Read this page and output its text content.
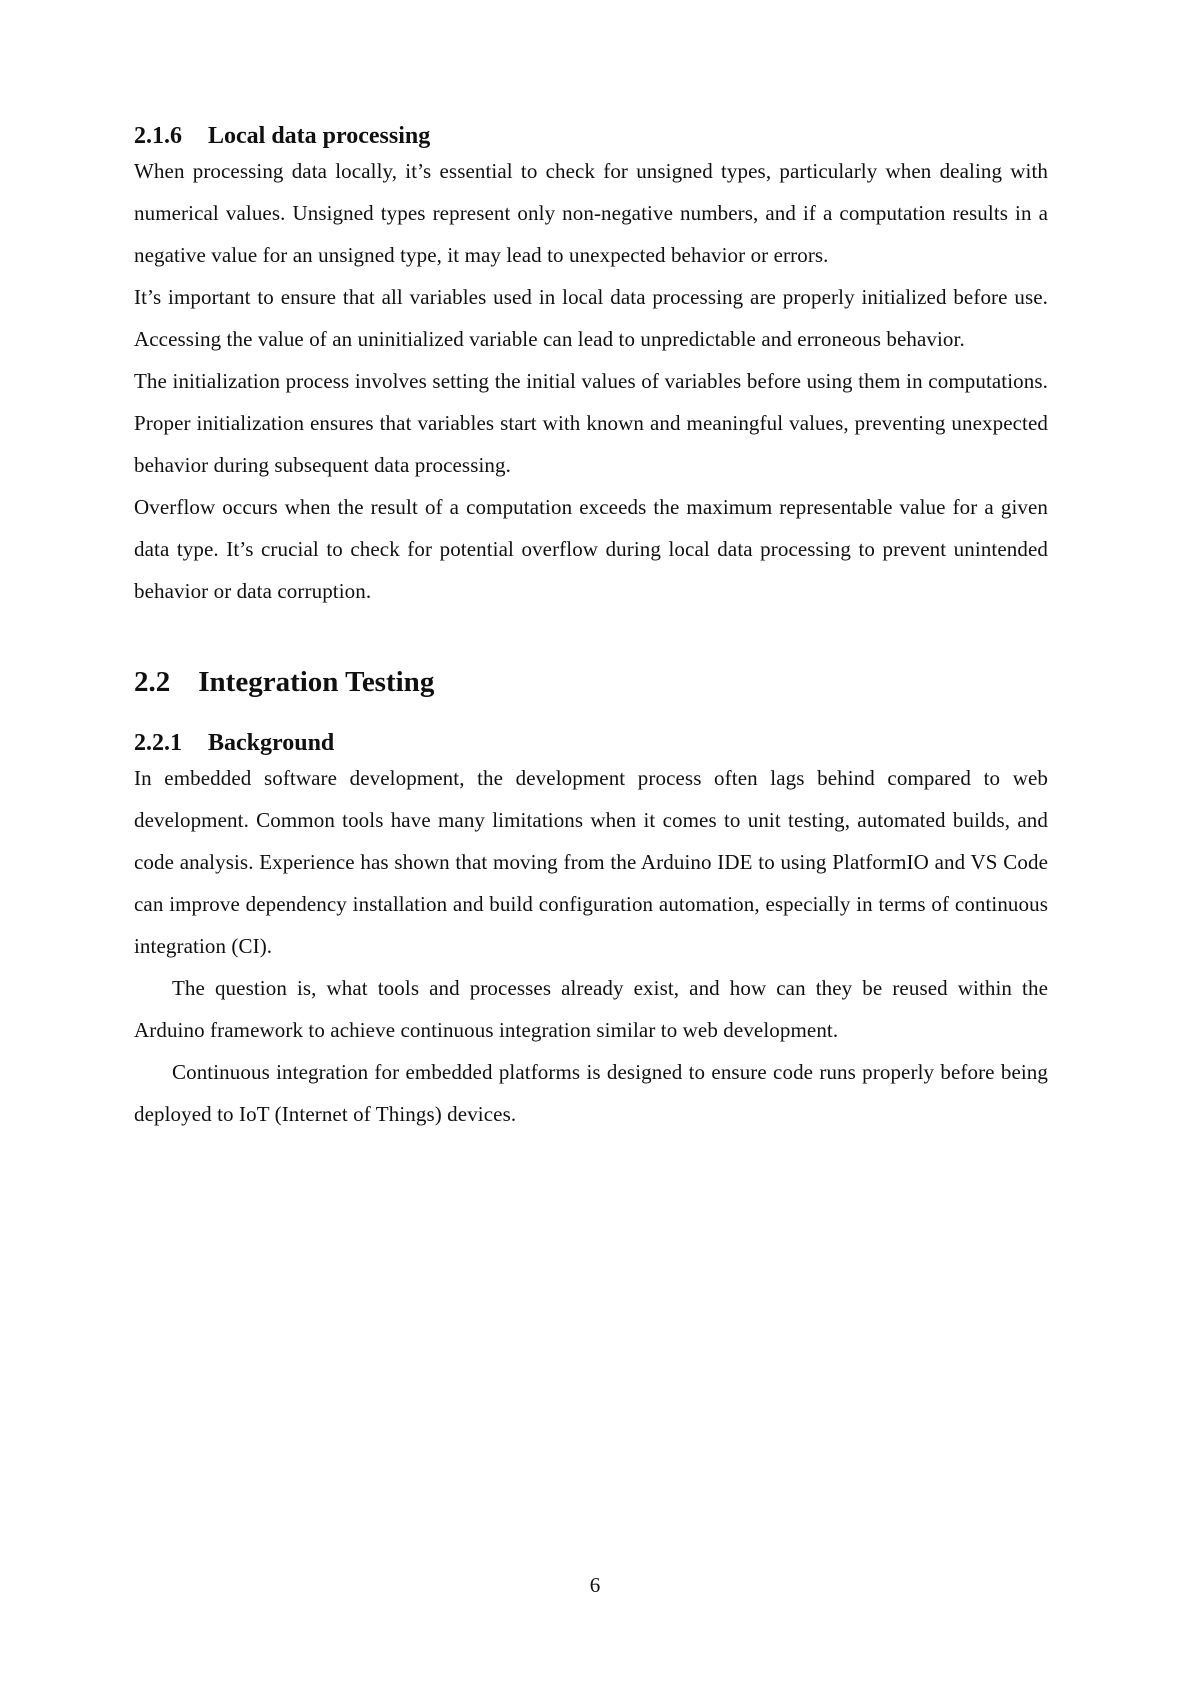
2.1.6 Local data processing

When processing data locally, it’s essential to check for unsigned types, particularly when dealing with numerical values. Unsigned types represent only non-negative numbers, and if a computation results in a negative value for an unsigned type, it may lead to unexpected behavior or errors.

It’s important to ensure that all variables used in local data processing are properly initialized before use. Accessing the value of an uninitialized variable can lead to unpredictable and erroneous behavior.

The initialization process involves setting the initial values of variables before using them in computations. Proper initialization ensures that variables start with known and meaningful values, preventing unexpected behavior during subsequent data processing.

Overflow occurs when the result of a computation exceeds the maximum representable value for a given data type. It’s crucial to check for potential overflow during local data processing to prevent unintended behavior or data corruption.

2.2 Integration Testing
2.2.1 Background

In embedded software development, the development process often lags behind compared to web development. Common tools have many limitations when it comes to unit testing, automated builds, and code analysis. Experience has shown that moving from the Arduino IDE to using PlatformIO and VS Code can improve dependency installation and build configuration automation, especially in terms of continuous integration (CI).

The question is, what tools and processes already exist, and how can they be reused within the Arduino framework to achieve continuous integration similar to web development.

Continuous integration for embedded platforms is designed to ensure code runs properly before being deployed to IoT (Internet of Things) devices.

6
